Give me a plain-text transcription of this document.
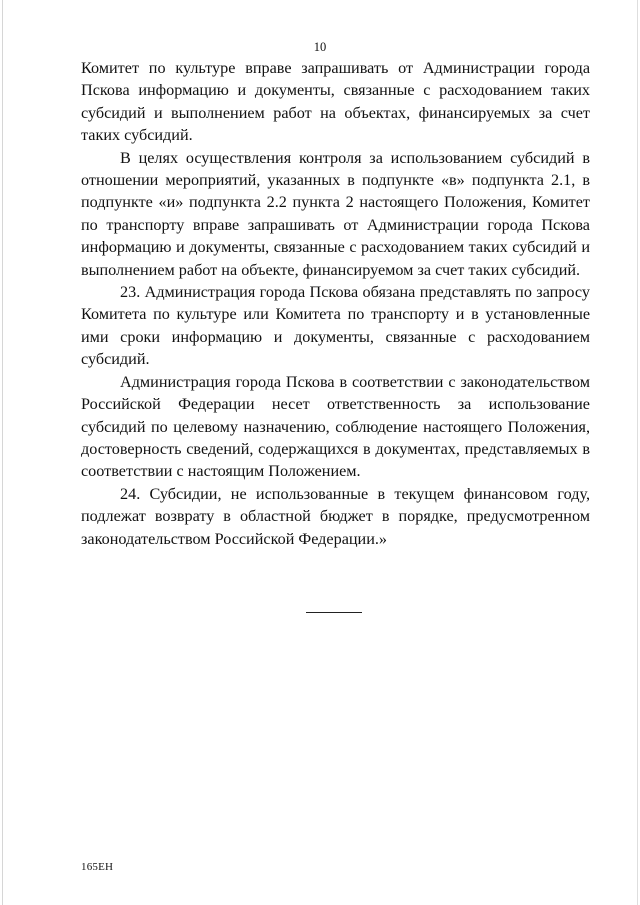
10

Комитет по культуре вправе запрашивать от Администрации города Пскова информацию и документы, связанные с расходованием таких субсидий и выполнением работ на объектах, финансируемых за счет таких субсидий.

В целях осуществления контроля за использованием субсидий в отношении мероприятий, указанных в подпункте «в» подпункта 2.1, в подпункте «и» подпункта 2.2 пункта 2 настоящего Положения, Комитет по транспорту вправе запрашивать от Администрации города Пскова информацию и документы, связанные с расходованием таких субсидий и выполнением работ на объекте, финансируемом за счет таких субсидий.

23. Администрация города Пскова обязана представлять по запросу Комитета по культуре или Комитета по транспорту и в установленные ими сроки информацию и документы, связанные с расходованием субсидий.

Администрация города Пскова в соответствии с законодательством Российской Федерации несет ответственность за использование субсидий по целевому назначению, соблюдение настоящего Положения, достоверность сведений, содержащихся в документах, представляемых в соответствии с настоящим Положением.

24. Субсидии, не использованные в текущем финансовом году, подлежат возврату в областной бюджет в порядке, предусмотренном законодательством Российской Федерации.»

165ЕН
